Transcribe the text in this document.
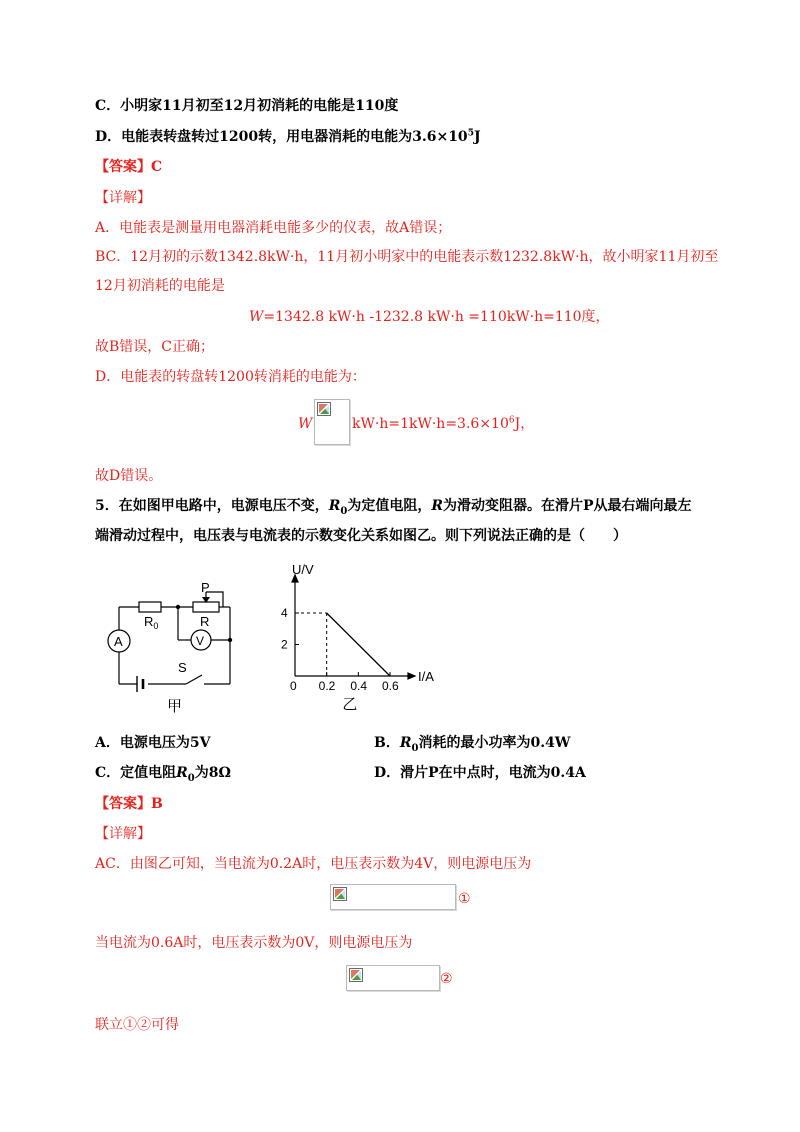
C．小明家11月初至12月初消耗的电能是110度
D．电能表转盘转过1200转，用电器消耗的电能为$3.6\times 10^5J$
【答案】C
【详解】
A．电能表是测量用电器消耗电能多少的仪表，故A错误；
BC．12月初的示数1342.8kW·h，11月初小明家中的电能表示数1232.8kW·h，故小明家11月初至
12月初消耗的电能是
W=1342.8 kW·h -1232.8 kW·h =110kW·h=110度，
故B错误，C正确；
D．电能表的转盘转1200转消耗的电能为：
W	$kW\cdot h=1kW\cdot h=3.6\times 10^6J$，
故D错误。
5．在如图甲电路中，电源电压不变，$R_0$为定值电阻，R为滑动变阻器。在滑片P从最右端向最左
端滑动过程中，电压表与电流表的示数变化关系如图乙。则下列说法正确的是（　　）
P
$R_0$	R
A	V
S
甲
0.2 0.4 0.6
4
2
0
U/V
I/A
乙
A．电源电压为5V	B．$R_0$消耗的最小功率为0.4W
C．定值电阻$R_0$为8Ω	D．滑片P在中点时，电流为0.4A
【答案】B
【详解】
AC．由图乙可知，当电流为0.2A时，电压表示数为4V，则电源电压为
①
当电流为0.6A时，电压表示数为0V，则电源电压为
②
联立①②可得
